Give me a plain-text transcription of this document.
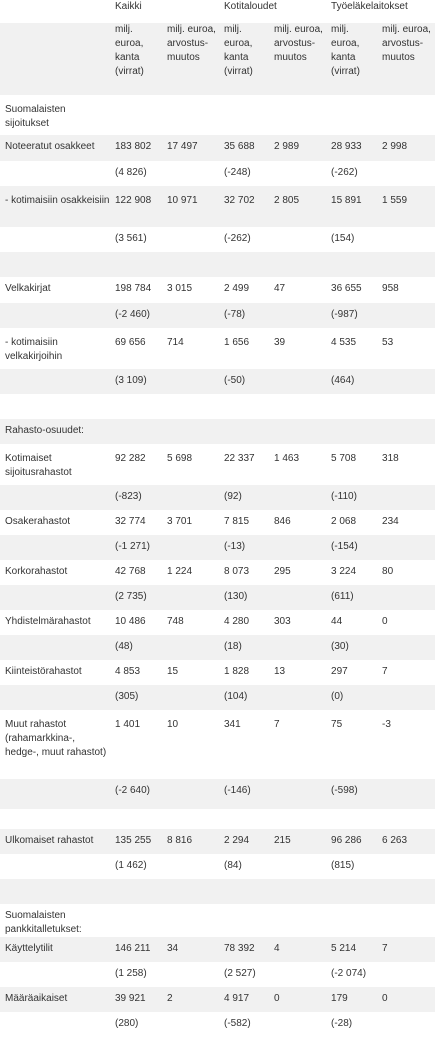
	Kaikki		Kotitaloudet		Työeläkelaitokset	
	milj. euroa, kanta (virrat)	milj. euroa, arvostus-muutos	milj. euroa, kanta (virrat)	milj. euroa, arvostus-muutos	milj. euroa, kanta (virrat)	milj. euroa, arvostus-muutos
Suomalaisten sijoitukset						
Noteeratut osakkeet	183 802	17 497	35 688	2 989	28 933	2 998
	(4 826)		(-248)		(-262)	
- kotimaisiin osakkeisiin	122 908	10 971	32 702	2 805	15 891	1 559
	(3 561)		(-262)		(154)	

Velkakirjat	198 784	3 015	2 499	47	36 655	958
	(-2 460)		(-78)		(-987)	
- kotimaisiin velkakirjoihin	69 656	714	1 656	39	4 535	53
	(3 109)		(-50)		(464)	

Rahasto-osuudet:						
Kotimaiset sijoitusrahastot	92 282	5 698	22 337	1 463	5 708	318
	(-823)		(92)		(-110)	
Osakerahastot	32 774	3 701	7 815	846	2 068	234
	(-1 271)		(-13)		(-154)	
Korkorahastot	42 768	1 224	8 073	295	3 224	80
	(2 735)		(130)		(611)	
Yhdistelmärahastot	10 486	748	4 280	303	44	0
	(48)		(18)		(30)	
Kiinteistörahastot	4 853	15	1 828	13	297	7
	(305)		(104)		(0)	
Muut rahastot (rahamarkkina-, hedge-, muut rahastot)	1 401	10	341	7	75	-3
	(-2 640)		(-146)		(-598)	

Ulkomaiset rahastot	135 255	8 816	2 294	215	96 286	6 263
	(1 462)		(84)		(815)	

Suomalaisten pankkitalletukset:						
Käyttelytilit	146 211	34	78 392	4	5 214	7
	(1 258)		(2 527)		(-2 074)	
Määräaikaiset	39 921	2	4 917	0	179	0
	(280)		(-582)		(-28)	
